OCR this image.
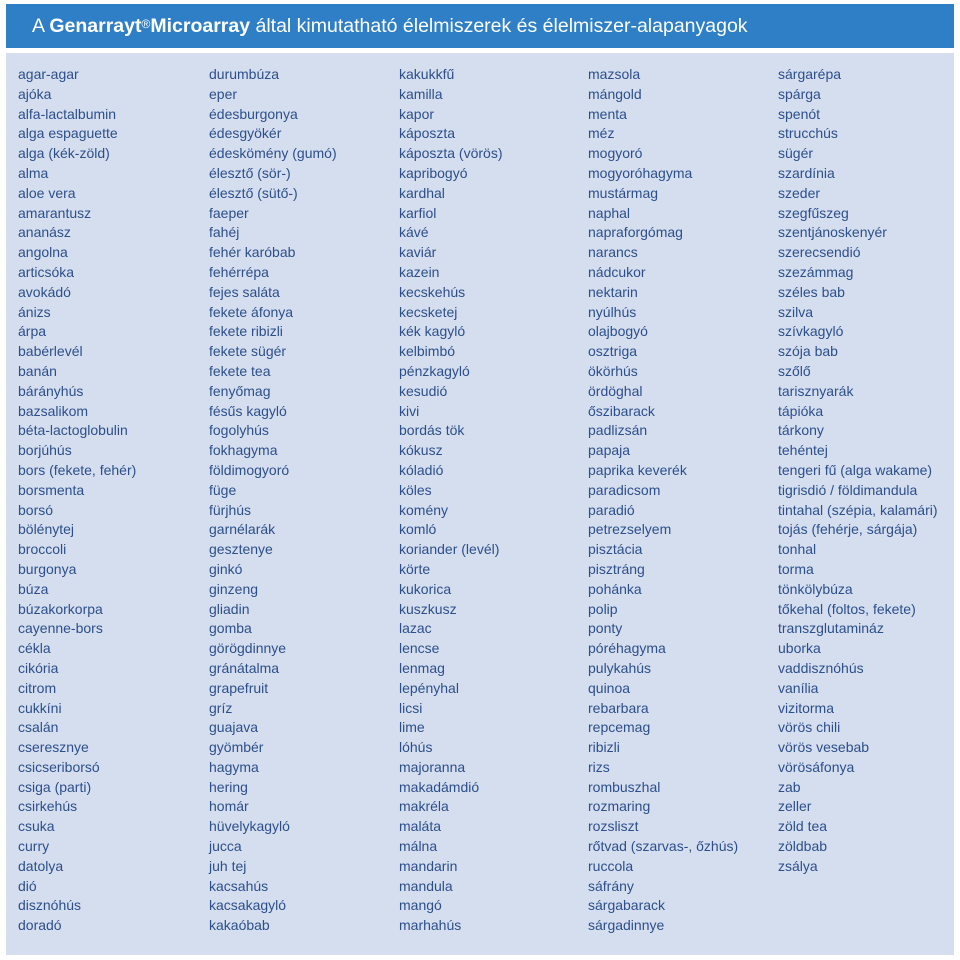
A Genarrayt ® Microarray által kimutatható élelmiszerek és élelmiszer-alapanyagok
agar-agar
ajóka
alfa-lactalbumin
alga espaguette
alga (kék-zöld)
alma
aloe vera
amarantusz
ananász
angolna
articsóka
avokádó
ánizs
árpa
babérlevél
banán
bárányhús
bazsalikom
béta-lactoglobulin
borjúhús
bors (fekete, fehér)
borsmenta
borsó
bölénytej
broccoli
burgonya
búza
búzakorkorpa
cayenne-bors
cékla
cikória
citrom
cukkíni
csalán
cseresznye
csicseriborsó
csiga (parti)
csirkehús
csuka
curry
datolya
dió
disznóhús
doradó
durumbúza
eper
édesburgonya
édesgyökér
édeskömény (gumó)
élesztő (sör-)
élesztő (sütő-)
faeper
fahéj
fehér karóbab
fehérrépa
fejes saláta
fekete áfonya
fekete ribizli
fekete sügér
fekete tea
fenyőmag
fésűs kagyló
fogolyhús
fokhagyma
földimogyoró
füge
fürjhús
garnélarák
gesztenye
ginkó
ginzeng
gliadin
gomba
görögdinnye
gránátalma
grapefruit
gríz
guajava
gyömbér
hagyma
hering
homár
hüvelykagyló
jucca
juh tej
kacsahús
kacsakagyló
kakaóbab
kakukkfű
kamilla
kapor
káposzta
káposzta (vörös)
kapribogyó
kardhal
karfiol
kávé
kaviár
kazein
kecskehús
kecsketej
kék kagyló
kelbimbó
pénzkagyló
kesudió
kivi
bordás tök
kókusz
kóladió
köles
komény
komló
koriander (levél)
körte
kukorica
kuszkusz
lazac
lencse
lenmag
lepényhal
licsi
lime
lóhús
majoranna
makadámdió
makréla
maláta
málna
mandarin
mandula
mangó
marhahús
mazsola
mángold
menta
méz
mogyoró
mogyoróhagyma
mustármag
naphal
napraforgómag
narancs
nádcukor
nektarin
nyúlhús
olajbogyó
osztriga
ökörhús
ördöghal
őszibarack
padlizsán
papaja
paprika keverék
paradicsom
paradió
petrezselyem
pisztácia
pisztráng
pohánka
polip
ponty
póréhagyma
pulykahús
quinoa
rebarbara
repcemag
ribizli
rizs
rombuszhal
rozmaring
rozsliszt
rőtvad (szarvas-, őzhús)
ruccola
sáfrány
sárgabarack
sárgadinnye
sárgarépa
spárga
spenót
strucchús
sügér
szardínia
szeder
szegfűszeg
szentjánoskenyér
szerecsendió
szezámmag
széles bab
szilva
szívkagyló
szója bab
szőlő
tarisznyarák
tápióka
tárkony
tehéntej
tengeri fű (alga wakame)
tigrisdió / földimandula
tintahal (szépia, kalamári)
tojás (fehérje, sárgája)
tonhal
torma
tönkölybúza
tőkehal (foltos, fekete)
transzglutamináz
uborka
vaddisznóhús
vanília
vizitorma
vörös chili
vörös vesebab
vörösáfonya
zab
zeller
zöld tea
zöldbab
zsálya
